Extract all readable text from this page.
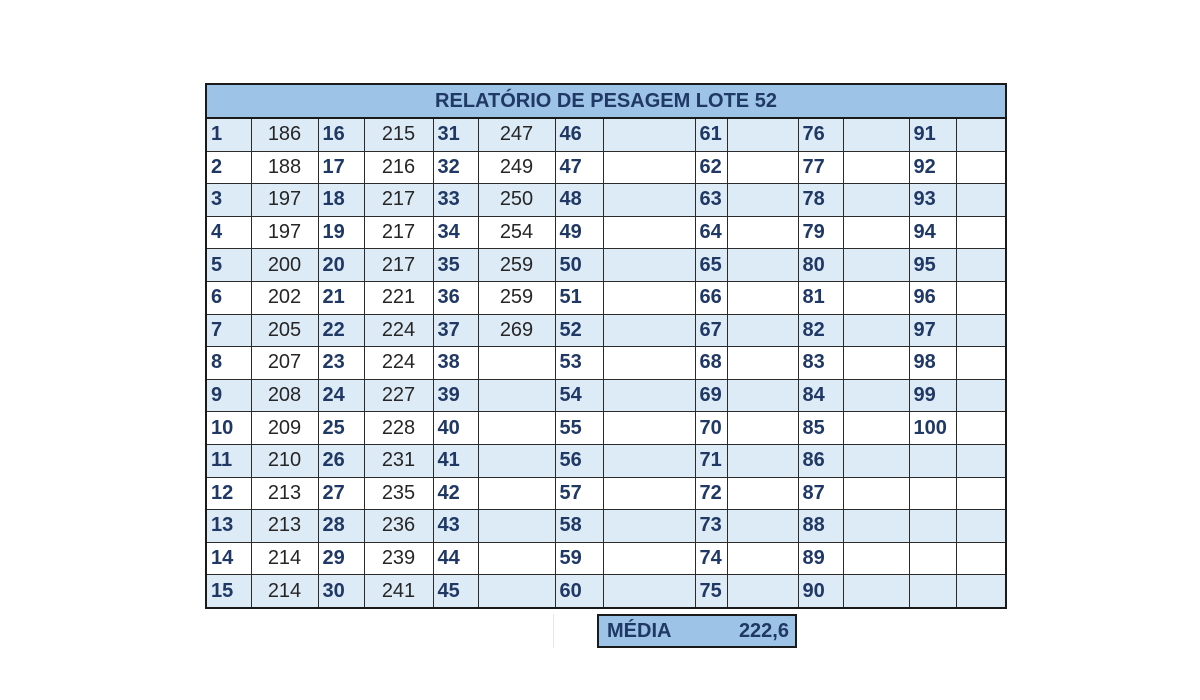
RELATÓRIO DE PESAGEM LOTE 52													
1	186	16	215	31	247	46		61		76		91	
2	188	17	216	32	249	47		62		77		92	
3	197	18	217	33	250	48		63		78		93	
4	197	19	217	34	254	49		64		79		94	
5	200	20	217	35	259	50		65		80		95	
6	202	21	221	36	259	51		66		81		96	
7	205	22	224	37	269	52		67		82		97	
8	207	23	224	38		53		68		83		98	
9	208	24	227	39		54		69		84		99	
10	209	25	228	40		55		70		85		100	
11	210	26	231	41		56		71		86			
12	213	27	235	42		57		72		87			
13	213	28	236	43		58		73		88			
14	214	29	239	44		59		74		89			
15	214	30	241	45		60		75		90			
MÉDIA	222,6
